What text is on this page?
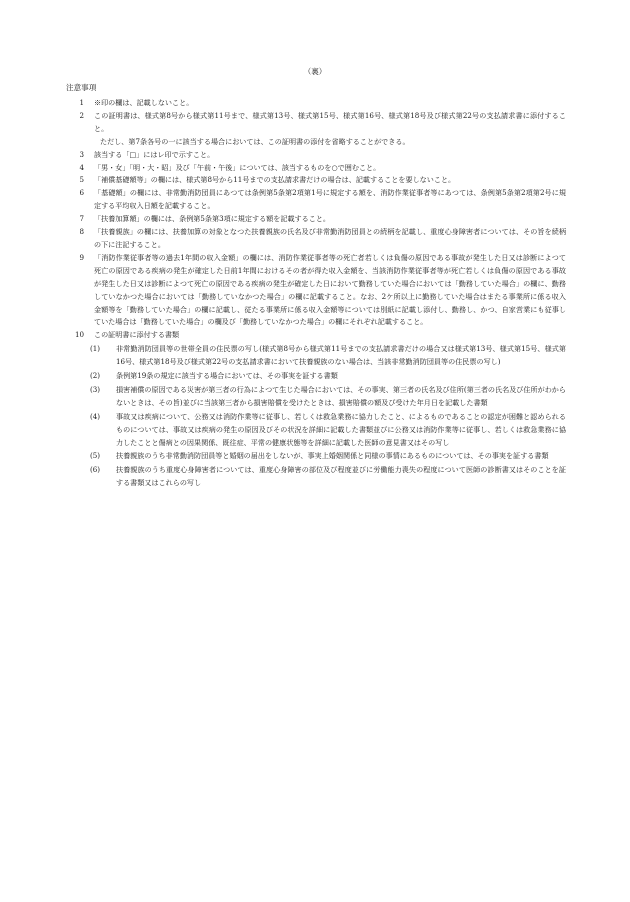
（裏）
注意事項
1	※印の欄は、記載しないこと。
2	この証明書は、様式第8号から様式第11号まで、様式第13号、様式第15号、様式第16号、様式第18号及び様式第22号の支払請求書に添付すること。
ただし、第7条各号の一に該当する場合においては、この証明書の添付を省略することができる。
3	該当する「□」にはレ印で示すこと。
4	「男・女」「明・大・昭」及び「午前・午後」については、該当するものを○で囲むこと。
5	「補償基礎額等」の欄には、様式第8号から11号までの支払請求書だけの場合は、記載することを要しないこと。
6	「基礎額」の欄には、非常勤消防団員にあつては条例第5条第2項第1号に規定する額を、消防作業従事者等にあつては、条例第5条第2項第2号に規定する平均収入日額を記載すること。
7	「扶養加算額」の欄には、条例第5条第3項に規定する額を記載すること。
8	「扶養親族」の欄には、扶養加算の対象となつた扶養親族の氏名及び非常勤消防団員との続柄を記載し、重度心身障害者については、その旨を続柄の下に注記すること。
9	「消防作業従事者等の過去1年間の収入金額」の欄には、消防作業従事者等の死亡者若しくは負傷の原因である事故が発生した日又は診断によつて死亡の原因である疾病の発生が確定した日前1年間におけるその者が得た収入金額を、当該消防作業従事者等が死亡若しくは負傷の原因である事故が発生した日又は診断によつて死亡の原因である疾病の発生が確定した日において勤務していた場合においては「勤務していた場合」の欄に、勤務していなかつた場合においては「勤務していなかつた場合」の欄に記載すること。なお、2ケ所以上に勤務していた場合はまたる事業所に係る収入金額等を「勤務していた場合」の欄に記載し、従たる事業所に係る収入金額等については別紙に記載し添付し、勤務し、かつ、自家営業にも従事していた場合は「勤務していた場合」の欄及び「勤務していなかつた場合」の欄にそれぞれ記載すること。
10	この証明書に添付する書類
(1)	非常勤消防団員等の世帯全員の住民票の写し(様式第8号から様式第11号までの支払請求書だけの場合又は様式第13号、様式第15号、様式第16号、様式第18号及び様式第22号の支払請求書において扶養親族のない場合は、当該非常勤消防団員等の住民票の写し)
(2)	条例第19条の規定に該当する場合においては、その事実を証する書類
(3)	損害補償の原因である災害が第三者の行為によつて生じた場合においては、その事実、第三者の氏名及び住所(第三者の氏名及び住所がわからないときは、その旨)並びに当該第三者から損害賠償を受けたときは、損害賠償の額及び受けた年月日を記載した書類
(4)	事故又は疾病について、公務又は消防作業等に従事し、若しくは救急業務に協力したこと、によるものであることの認定が困難と認められるものについては、事故又は疾病の発生の原因及びその状況を詳細に記載した書類並びに公務又は消防作業等に従事し、若しくは救急業務に協力したことと傷病との因果関係、既往症、平常の健康状態等を詳細に記載した医師の意見書又はその写し
(5)	扶養親族のうち非常勤消防団員等と婚姻の届出をしないが、事実上婚姻関係と同様の事情にあるものについては、その事実を証する書類
(6)	扶養親族のうち重度心身障害者については、重度心身障害の部位及び程度並びに労働能力喪失の程度について医師の診断書又はそのことを証する書類又はこれらの写し
